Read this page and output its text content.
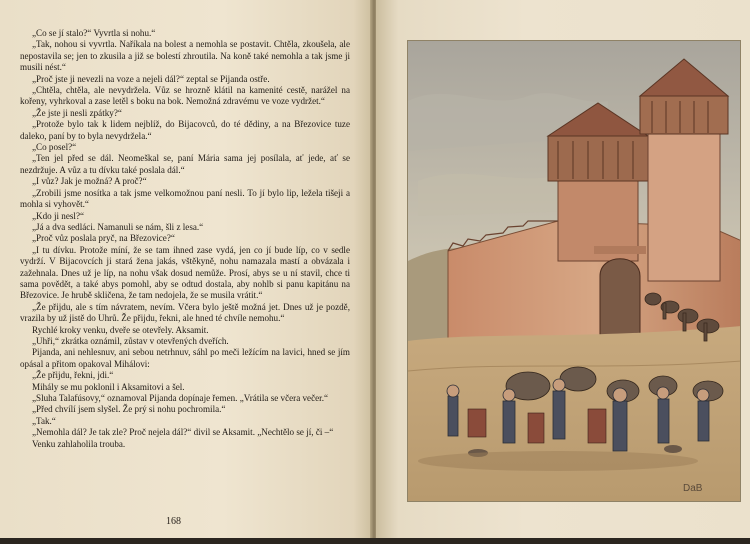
„Co se jí stalo?“ Vyvrtla si nohu.“

„Tak, nohou si vyvrtla. Naříkala na bolest a nemohla se postavit. Chtěla, zkoušela, ale nepostavila se; jen to zkusila a již se bolestí zhroutila. Na koně také nemohla a tak jsme ji musili nést.“

„Proč jste ji nevezli na voze a nejeli dál?“ zeptal se Pijanda ostře.

„Chtěla, chtěla, ale nevydržela. Vůz se hrozně klátil na kamenité cestě, narážel na kořeny, vyhrkoval a zase letěl s boku na bok. Nemožná zdravému ve voze vydržet.“

„Že jste ji nesli zpátky?“

„Protože bylo tak k lidem nejblíž, do Bijacovců, do té dědiny, a na Březovice tuze daleko, paní by to byla nevydržela.“

„Co posel?“

„Ten jel před se dál. Neomeškal se, paní Mária sama jej posílala, ať jede, ať se nezdržuje. A vůz a tu dívku také poslala dál.“

„I vůz? Jak je možná? A proč?“

„Zrobili jsme nosítka a tak jsme velkomožnou paní nesli. To jí bylo lip, ležela tišeji a mohla si vyhovět.“

„Kdo ji nesl?“

„Já a dva sedláci. Namanuli se nám, šli z lesa.“

„Proč vůz poslala pryč, na Březovice?“

„I tu dívku. Protože míní, že se tam ihned zase vydá, jen co jí bude líp, co v sedle vydrží. V Bijacovcích ji stará žena jakás, vštěkyně, nohu namazala mastí a obvázala i zažehnala. Dnes už je líp, na nohu však dosud nemůže. Prosí, abys se u ní stavil, chce ti sama povědět, a také abys pomohl, aby se odtud dostala, aby nohlb si panu kapitánu na Březovice. Je hrubě skličena, že tam nedojela, že se musila vrátit.“

„Že přijdu, ale s tím návratem, nevím. Včera bylo ještě možná jet. Dnes už je pozdě, vrazila by už jistě do Uhrů. Že přijdu, řekni, ale hned té chvíle nemohu.“

Rychlé kroky venku, dveře se otevřely. Aksamit.

„Uhři,“ zkrátka oznámil, zůstav v otevřených dveřích.

Pijanda, ani nehlesnuv, ani sebou netrhnuv, sáhl po meči ležícím na lavici, hned se jím opásal a přitom opakoval Mihálovi:

„Že přijdu, řekni, jdi.“

Mihály se mu poklonil i Aksamitovi a šel.

„Sluha Talafúsovy,“ oznamoval Pijanda dopínaje řemen. „Vrátila se včera večer.“

„Před chvílí jsem slyšel. Že prý si nohu pochromila.“

„Tak.“

„Nemohla dál? Je tak zle? Proč nejela dál?“ divil se Aksamit. „Nechtělo se jí, či –“

Venku zahlaholila trouba.

168
DaB
